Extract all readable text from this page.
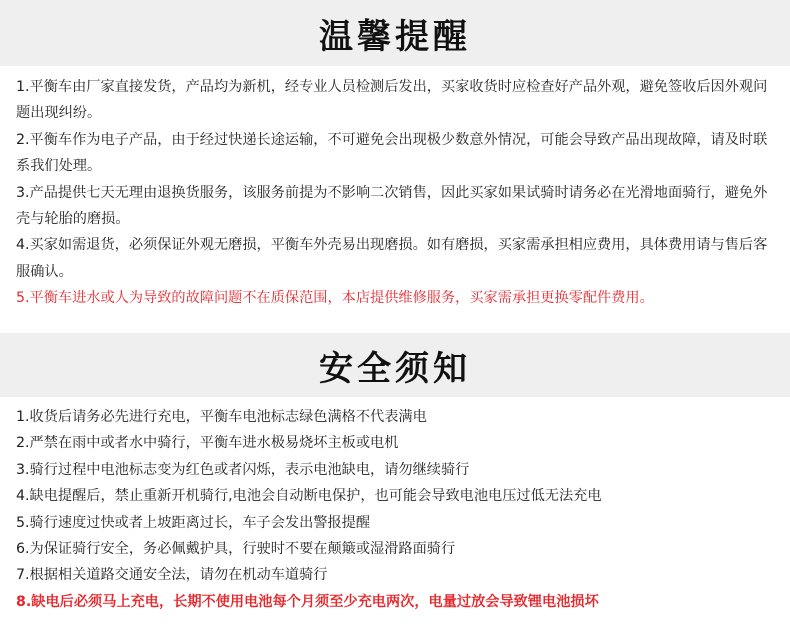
温馨提醒
1.平衡车由厂家直接发货，产品均为新机，经专业人员检测后发出，买家收货时应检查好产品外观，避免签收后因外观问题出现纠纷。
2.平衡车作为电子产品，由于经过快递长途运输，不可避免会出现极少数意外情况，可能会导致产品出现故障，请及时联系我们处理。
3.产品提供七天无理由退换货服务，该服务前提为不影响二次销售，因此买家如果试骑时请务必在光滑地面骑行，避免外壳与轮胎的磨损。
4.买家如需退货，必须保证外观无磨损，平衡车外壳易出现磨损。如有磨损，买家需承担相应费用，具体费用请与售后客 服确认。
5.平衡车进水或人为导致的故障问题不在质保范围，本店提供维修服务，买家需承担更换零配件费用。
安全须知
1.收货后请务必先进行充电，平衡车电池标志绿色满格不代表满电
2.严禁在雨中或者水中骑行，平衡车进水极易烧坏主板或电机
3.骑行过程中电池标志变为红色或者闪烁，表示电池缺电，请勿继续骑行
4.缺电提醒后，禁止重新开机骑行,电池会自动断电保护，也可能会导致电池电压过低无法充电
5.骑行速度过快或者上坡距离过长，车子会发出警报提醒
6.为保证骑行安全，务必佩戴护具，行驶时不要在颠簸或湿滑路面骑行
7.根据相关道路交通安全法，请勿在机动车道骑行
8.缺电后必须马上充电，长期不使用电池每个月须至少充电两次，电量过放会导致锂电池损坏
